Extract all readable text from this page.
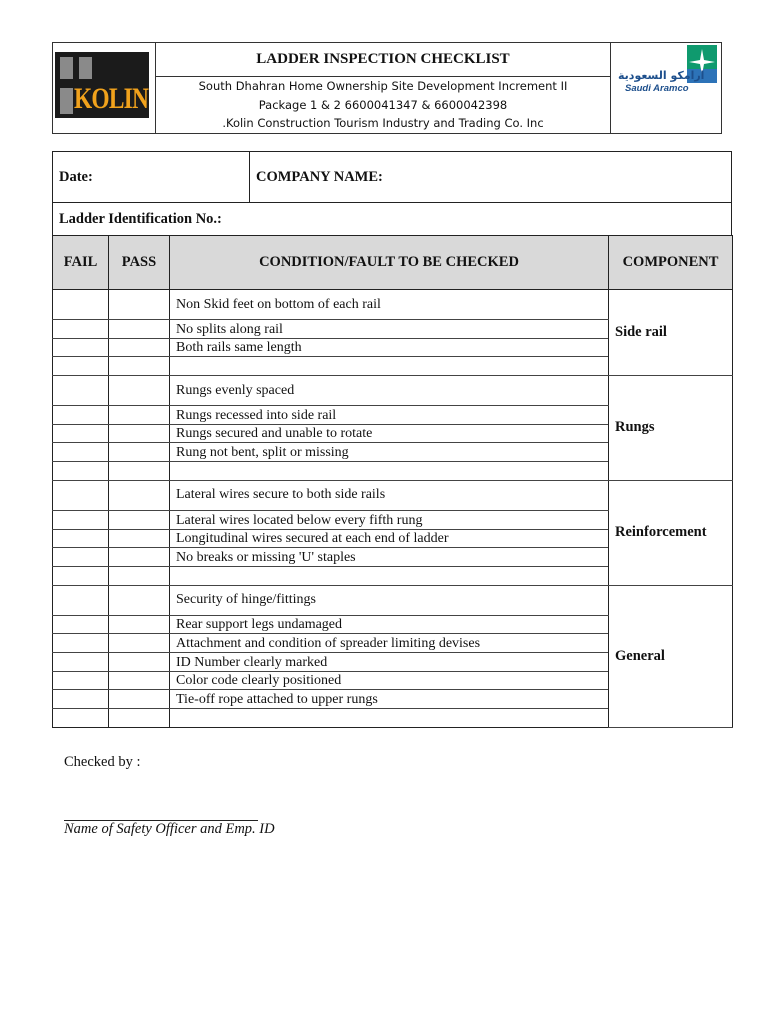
KOLIN
LADDER INSPECTION CHECKLIST
South Dhahran Home Ownership Site Development Increment II
Package 1 & 2 6600041347 & 6600042398
.Kolin Construction Tourism Industry and Trading Co. Inc
ارامكو السعودية
Saudi Aramco
Date:	COMPANY NAME:
Ladder Identification No.:
FAIL	PASS	CONDITION/FAULT TO BE CHECKED	COMPONENT
		Non Skid feet on bottom of each rail	Side rail
		No splits along rail	
		Both rails same length	

		Rungs evenly spaced	Rungs
		Rungs recessed into side rail	
		Rungs secured and unable to rotate	
		Rung not bent, split or missing	

		Lateral wires secure to both side rails	Reinforcement
		Lateral wires located below every fifth rung	
		Longitudinal wires secured at each end of ladder	
		No breaks or missing 'U' staples	

		Security of hinge/fittings	General
		Rear support legs undamaged	
		Attachment and condition of spreader limiting devises	
		ID Number clearly marked	
		Color code clearly positioned	
		Tie-off rope attached to upper rungs	

Checked by :
Name of Safety Officer and Emp. ID
